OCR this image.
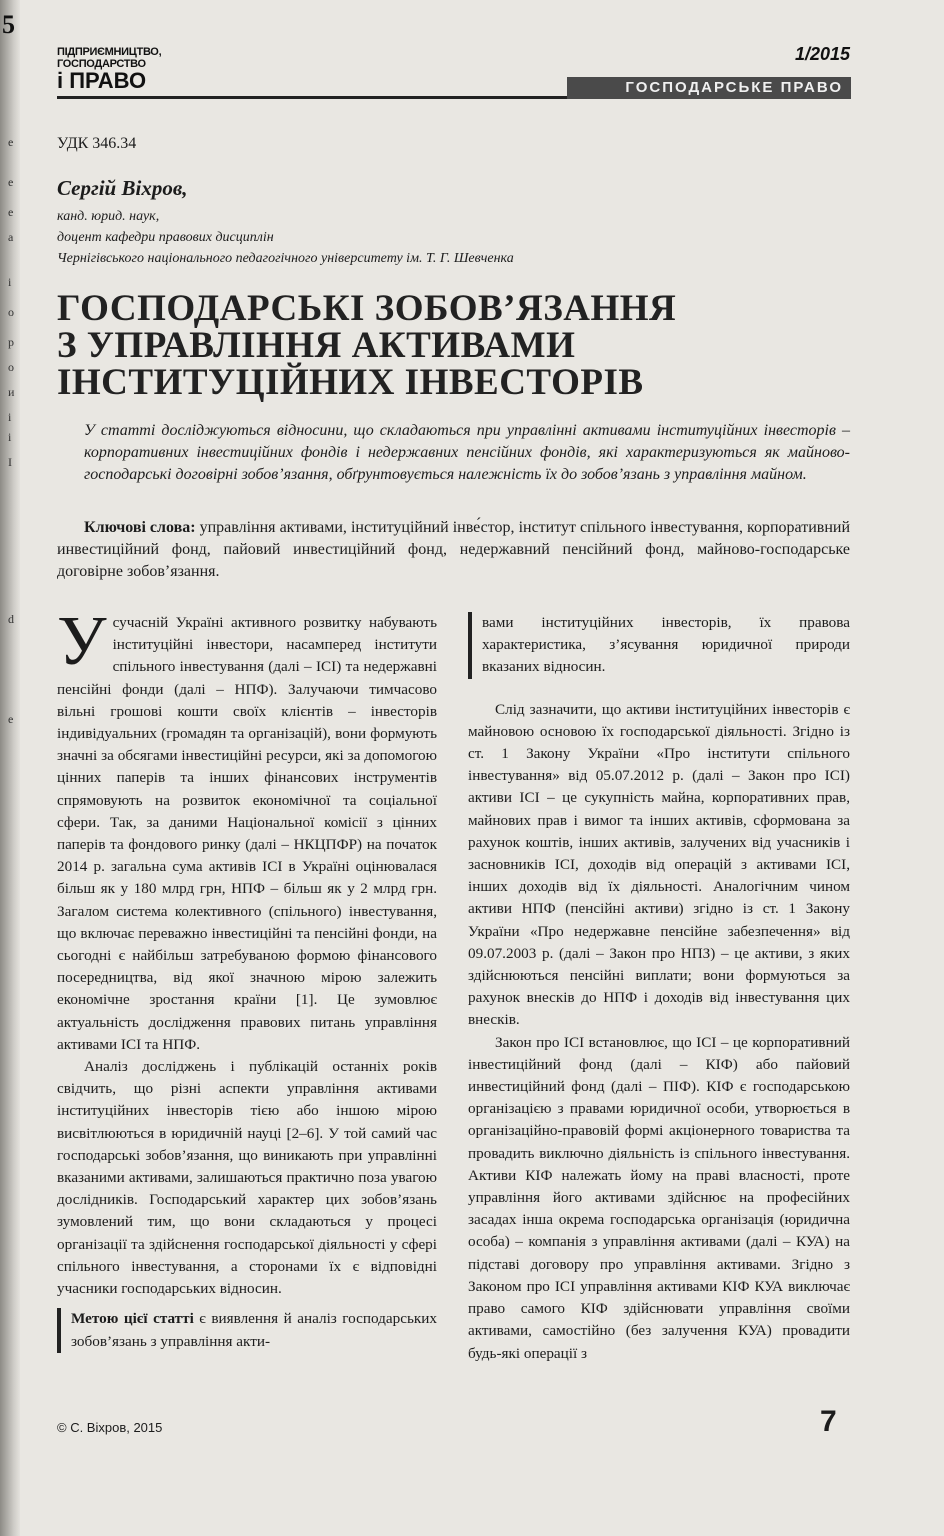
5
е
е
е
а
і
о
р
о
и
і
і
І
d
е
ПІДПРИЄМНИЦТВО,
ГОСПОДАРСТВО
і ПРАВО
1/2015
ГОСПОДАРСЬКЕ ПРАВО
УДК 346.34
Сергій Віхров,
канд. юрид. наук,
доцент кафедри правових дисциплін
Чернігівського національного педагогічного університету ім. Т. Г. Шевченка
ГОСПОДАРСЬКІ ЗОБОВ’ЯЗАННЯ
З УПРАВЛІННЯ АКТИВАМИ
ІНСТИТУЦІЙНИХ ІНВЕСТОРІВ
У статті досліджуються відносини, що складаються при управлінні активами інституційних інвесторів – корпоративних інвестиційних фондів і недержавних пенсійних фондів, які характеризуються як майново-господарські договірні зобов’язання, обґрунтовується належність їх до зобов’язань з управління майном.
Ключові слова: управління активами, інституційний інве́стор, інститут спільного інвестування, корпоративний инвестиційний фонд, пайовий инвестиційний фонд, недержавний пенсійний фонд, майново-господарське договірне зобов’язання.

Усучасній Україні активного розвитку набувають інституційні інвестори, насамперед інститути спільного інвестування (далі – ІСІ) та недержавні пенсійні фонди (далі – НПФ). Залучаючи тимчасово вільні грошові кошти своїх клієнтів – інвесторів індивідуальних (громадян та організацій), вони формують значні за обсягами інвестиційні ресурси, які за допомогою цінних паперів та інших фінансових інструментів спрямовують на розвиток економічної та соціальної сфери. Так, за даними Національної комісії з цінних паперів та фондового ринку (далі – НКЦПФР) на початок 2014 р. загальна сума активів ІСІ в Україні оцінювалася більш як у 180 млрд грн, НПФ – більш як у 2 млрд грн. Загалом система колективного (спільного) інвестування, що включає переважно інвестиційні та пенсійні фонди, на сьогодні є найбільш затребуваною формою фінансового посередництва, від якої значною мірою залежить економічне зростання країни [1]. Це зумовлює актуальність дослідження правових питань управління активами ІСІ та НПФ.

Аналіз досліджень і публікацій останніх років свідчить, що різні аспекти управління активами інституційних інвесторів тією або іншою мірою висвітлюються в юридичній науці [2–6]. У той самий час господарські зобов’язання, що виникають при управлінні вказаними активами, залишаються практично поза увагою дослідників. Господарський характер цих зобов’язань зумовлений тим, що вони складаються у процесі організації та здійснення господарської діяльності у сфері спільного інвестування, а сторонами їх є відповідні учасники господарських відносин.

Метою цієї статті є виявлення й аналіз господарських зобов’язань з управління акти-

вами інституційних інвесторів, їх правова характеристика, з’ясування юридичної природи вказаних відносин.

Слід зазначити, що активи інституційних інвесторів є майновою основою їх господарської діяльності. Згідно із ст. 1 Закону України «Про інститути спільного інвестування» від 05.07.2012 р. (далі – Закон про ІСІ) активи ІСІ – це сукупність майна, корпоративних прав, майнових прав і вимог та інших активів, сформована за рахунок коштів, інших активів, залучених від учасників і засновників ІСІ, доходів від операцій з активами ІСІ, інших доходів від їх діяльності. Аналогічним чином активи НПФ (пенсійні активи) згідно із ст. 1 Закону України «Про недержавне пенсійне забезпечення» від 09.07.2003 р. (далі – Закон про НПЗ) – це активи, з яких здійснюються пенсійні виплати; вони формуються за рахунок внесків до НПФ і доходів від інвестування цих внесків.

Закон про ІСІ встановлює, що ІСІ – це корпоративний інвестиційний фонд (далі – КІФ) або пайовий инвестиційний фонд (далі – ПІФ). КІФ є господарською організацією з правами юридичної особи, утворюється в організаційно-правовій формі акціонерного товариства та провадить виключно діяльність із спільного інвестування. Активи КІФ належать йому на праві власності, проте управління його активами здійснює на професійних засадах інша окрема господарська організація (юридична особа) – компанія з управління активами (далі – КУА) на підставі договору про управління активами. Згідно з Законом про ІСІ управління активами КІФ КУА виключає право самого КІФ здійснювати управління своїми активами, самостійно (без залучення КУА) провадити будь-які операції з

© С. Віхров, 2015	7
